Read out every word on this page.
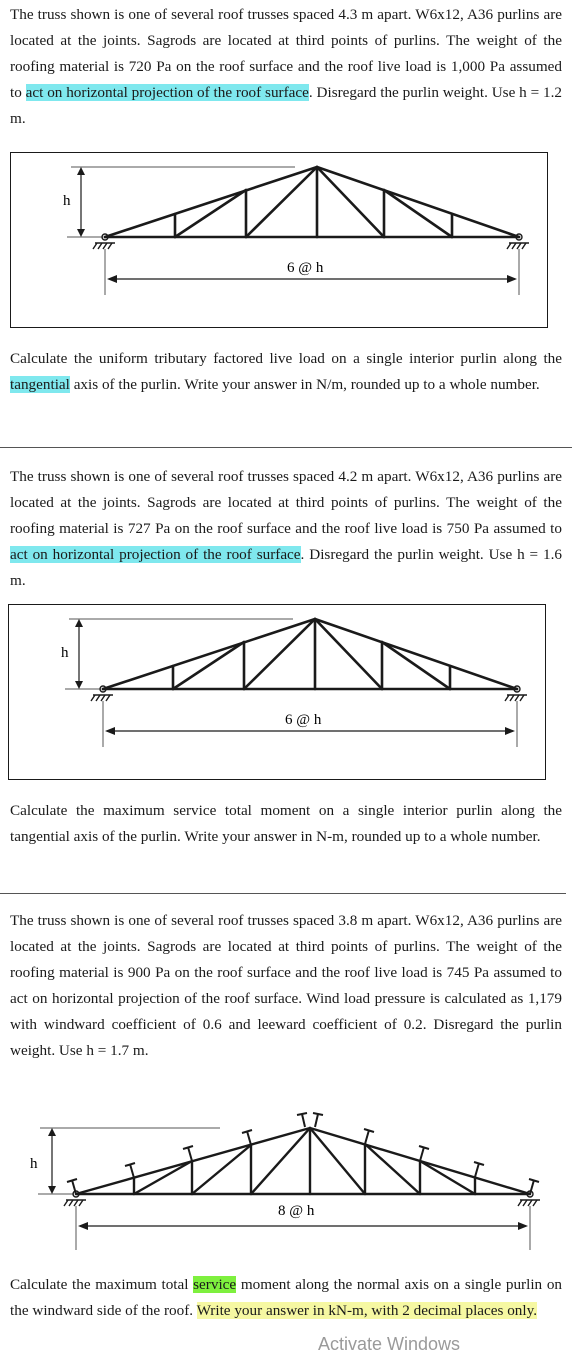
The truss shown is one of several roof trusses spaced 4.3 m apart. W6x12, A36 purlins are located at the joints. Sagrods are located at third points of purlins. The weight of the roofing material is 720 Pa on the roof surface and the roof live load is 1,000 Pa assumed to act on horizontal projection of the roof surface. Disregard the purlin weight. Use h = 1.2 m.

h
6 @ h

Calculate the uniform tributary factored live load on a single interior purlin along the tangential axis of the purlin. Write your answer in N/m, rounded up to a whole number.

The truss shown is one of several roof trusses spaced 4.2 m apart. W6x12, A36 purlins are located at the joints. Sagrods are located at third points of purlins. The weight of the roofing material is 727 Pa on the roof surface and the roof live load is 750 Pa assumed to act on horizontal projection of the roof surface. Disregard the purlin weight. Use h = 1.6 m.

h
6 @ h

Calculate the maximum service total moment on a single interior purlin along the tangential axis of the purlin. Write your answer in N-m, rounded up to a whole number.

The truss shown is one of several roof trusses spaced 3.8 m apart. W6x12, A36 purlins are located at the joints. Sagrods are located at third points of purlins. The weight of the roofing material is 900 Pa on the roof surface and the roof live load is 745 Pa assumed to act on horizontal projection of the roof surface. Wind load pressure is calculated as 1,179 with windward coefficient of 0.6 and leeward coefficient of 0.2. Disregard the purlin weight. Use h = 1.7 m.

h
8 @ h

Calculate the maximum total service moment along the normal axis on a single purlin on the windward side of the roof. Write your answer in kN-m, with 2 decimal places only.

Activate Windows
